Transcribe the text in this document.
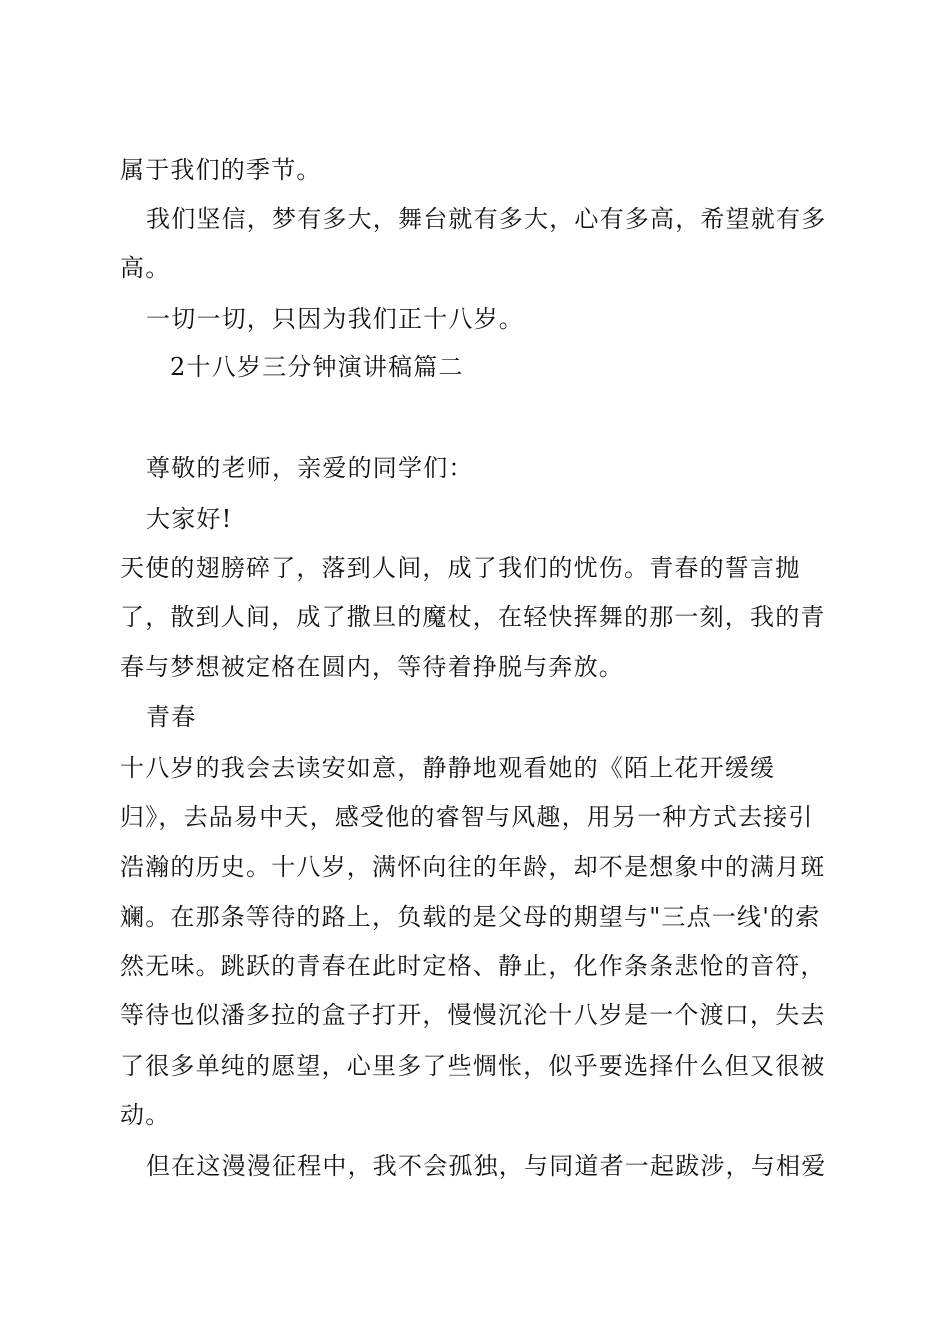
属于我们的季节。

我们坚信，梦有多大，舞台就有多大，心有多高，希望就有多

高。

一切一切，只因为我们正十八岁。

2十八岁三分钟演讲稿篇二

尊敬的老师，亲爱的同学们：

大家好!

天使的翅膀碎了，落到人间，成了我们的忧伤。青春的誓言抛

了，散到人间，成了撒旦的魔杖，在轻快挥舞的那一刻，我的青

春与梦想被定格在圆内，等待着挣脱与奔放。

青春

十八岁的我会去读安如意，静静地观看她的《陌上花开缓缓

归》，去品易中天，感受他的睿智与风趣，用另一种方式去接引

浩瀚的历史。十八岁，满怀向往的年龄，却不是想象中的满月斑

斓。在那条等待的路上，负载的是父母的期望与"三点一线'的索

然无味。跳跃的青春在此时定格、静止，化作条条悲怆的音符，

等待也似潘多拉的盒子打开，慢慢沉沦十八岁是一个渡口，失去

了很多单纯的愿望，心里多了些惆怅，似乎要选择什么但又很被

动。

但在这漫漫征程中，我不会孤独，与同道者一起跋涉，与相爱
